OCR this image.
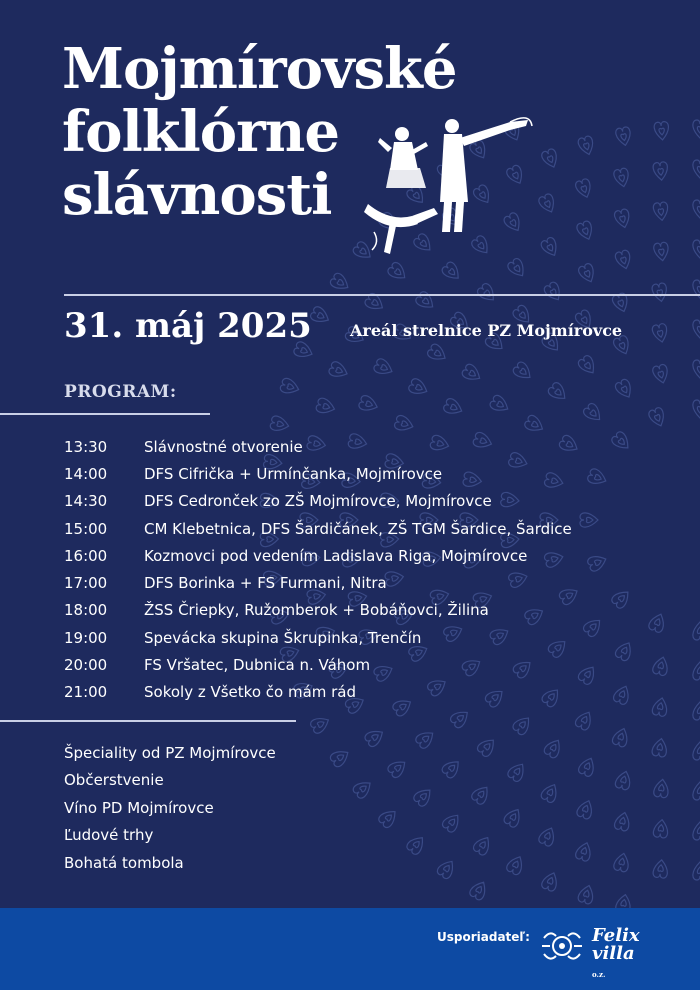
Mojmírovské
folklórne
slávnosti
31. máj 2025 Areál strelnice PZ Mojmírovce
PROGRAM:
13:30	Slávnostné otvorenie
14:00	DFS Cifrička + Urmínčanka, Mojmírovce
14:30	DFS Cedronček zo ZŠ Mojmírovce, Mojmírovce
15:00	CM Klebetnica, DFS Šardičánek, ZŠ TGM Šardice, Šardice
16:00	Kozmovci pod vedením Ladislava Riga, Mojmírovce
17:00	DFS Borinka + FS Furmani, Nitra
18:00	ŽSS Čriepky, Ružomberok + Bobáňovci, Žilina
19:00	Spevácka skupina Škrupinka, Trenčín
20:00	FS Vršatec, Dubnica n. Váhom
21:00	Sokoly z Všetko čo mám rád
Špeciality od PZ Mojmírovce
Občerstvenie
Víno PD Mojmírovce
Ľudové trhy
Bohatá tombola
Usporiadateľ:	Felix
villa
o.z.
